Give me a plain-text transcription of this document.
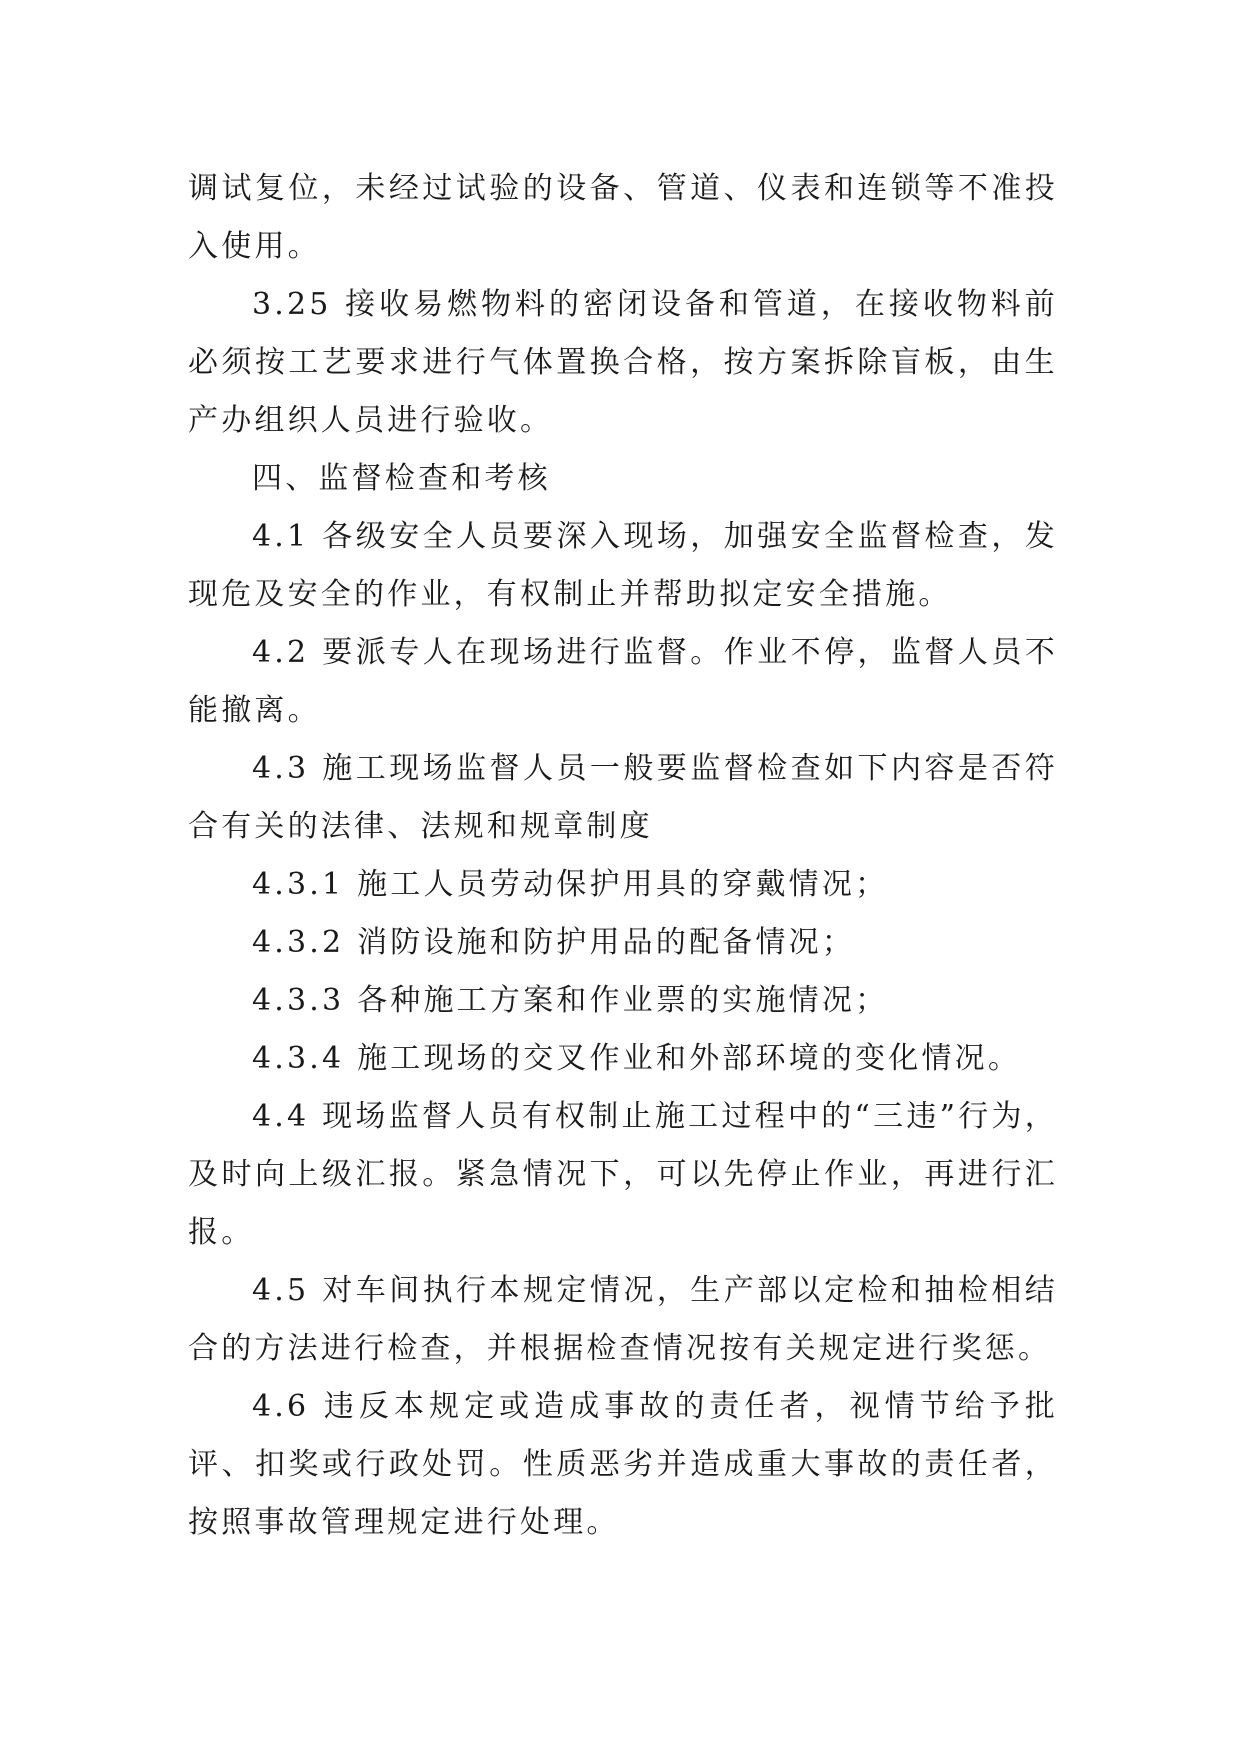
调试复位，未经过试验的设备、管道、仪表和连锁等不准投入使用。

3.25 接收易燃物料的密闭设备和管道，在接收物料前必须按工艺要求进行气体置换合格，按方案拆除盲板，由生产办组织人员进行验收。

四、监督检查和考核

4.1 各级安全人员要深入现场，加强安全监督检查，发现危及安全的作业，有权制止并帮助拟定安全措施。

4.2 要派专人在现场进行监督。作业不停，监督人员不能撤离。

4.3 施工现场监督人员一般要监督检查如下内容是否符合有关的法律、法规和规章制度

4.3.1 施工人员劳动保护用具的穿戴情况；

4.3.2 消防设施和防护用品的配备情况；

4.3.3 各种施工方案和作业票的实施情况；

4.3.4 施工现场的交叉作业和外部环境的变化情况。

4.4 现场监督人员有权制止施工过程中的“三违”行为，及时向上级汇报。紧急情况下，可以先停止作业，再进行汇报。

4.5 对车间执行本规定情况，生产部以定检和抽检相结合的方法进行检查，并根据检查情况按有关规定进行奖惩。

4.6 违反本规定或造成事故的责任者，视情节给予批评、扣奖或行政处罚。性质恶劣并造成重大事故的责任者，按照事故管理规定进行处理。
